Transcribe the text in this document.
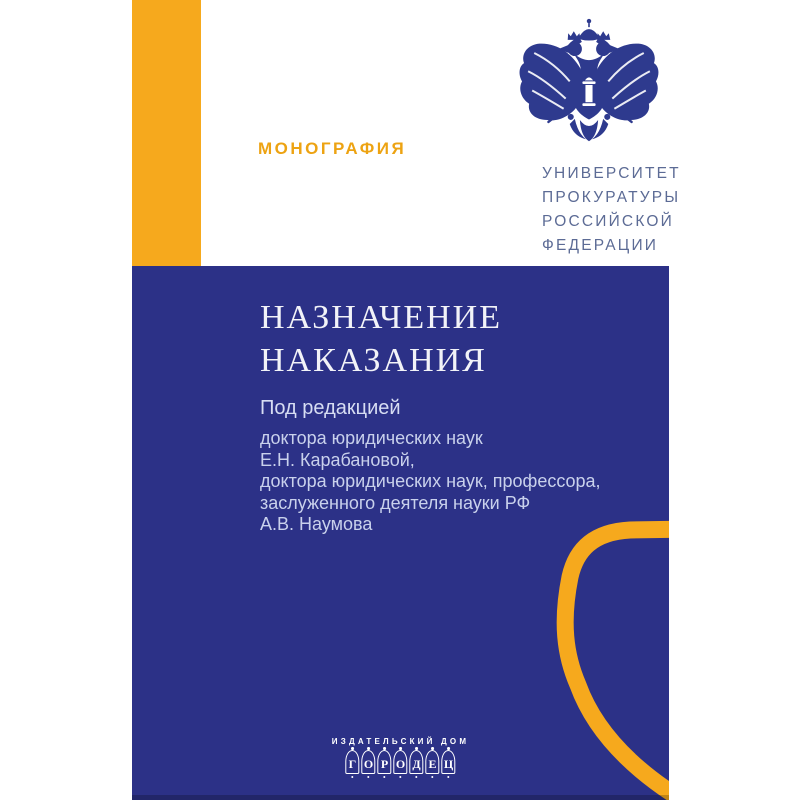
МОНОГРАФИЯ
УНИВЕРСИТЕТ
ПРОКУРАТУРЫ
РОССИЙСКОЙ
ФЕДЕРАЦИИ
НАЗНАЧЕНИЕ
НАКАЗАНИЯ
Под редакцией
доктора юридических наук
Е.Н. Карабановой,
доктора юридических наук, профессора,
заслуженного деятеля науки РФ
А.В. Наумова
ИЗДАТЕЛЬСКИЙ ДОМ
Г О Р О Д Е Ц
